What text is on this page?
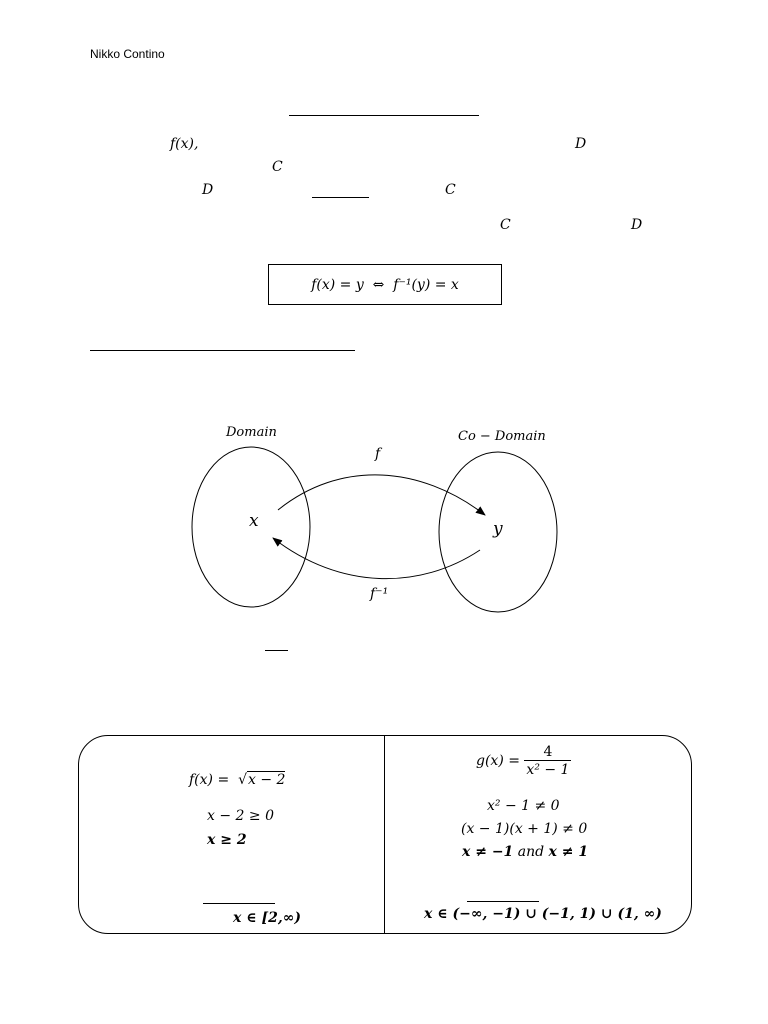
Nikko Contino
f(x),	D
C
D	C
C	D
f(x) = y  ⇔  f⁻¹(y) = x
Domain	Co − Domain
x	y
f
f⁻¹
f(x) =  √x − 2
x − 2 ≥ 0
x ≥ 2
x ∈ [2,∞)
$g(x) = \frac{4}{\text{x² − 1}}$
x² − 1 ≠ 0
(x − 1)(x + 1) ≠ 0
x ≠ −1 and x ≠ 1
x ∈ (−∞, −1) ∪ (−1, 1) ∪ (1, ∞)
